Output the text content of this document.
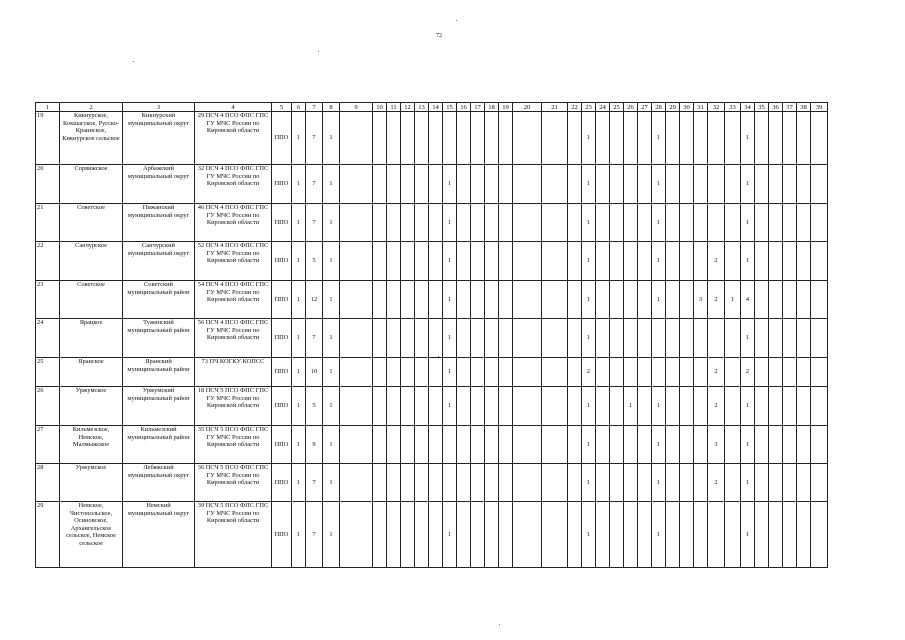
72
1	2	3	4	5	6	7	8	9	10	11	12	13	14	15	16	17	18	19	20	21	22	23	24	25	26	27	28	29	30	31	32	33	34	35	36	37	38	39
19	Кикнурское, Кокшагское, Русско-Краинское, Кикнурское сельское	Кикнурский муниципальный округ	29 ПСЧ 4 ПСО ФПС ГПС ГУ МЧС России по Кировской области	ППО	1	7	1															1					1						1					
20	Сорвижское	Арбажский муниципальный округ	32 ПСЧ 4 ПСО ФПС ГПС ГУ МЧС России по Кировской области	ППО	1	7	1							1								1					1						1					
21	Советское	Пижанский муниципальный округ	46 ПСЧ 4 ПСО ФПС ГПС ГУ МЧС России по Кировской области	ППО	1	7	1							1								1					1						1					
22	Санчурское	Санчурский муниципальный округ	52 ПСЧ 4 ПСО ФПС ГПС ГУ МЧС России по Кировской области	ППО	1	5	1							1								1					1				2		1					
23	Советское	Советский муниципальный район	54 ПСЧ 4 ПСО ФПС ГПС ГУ МЧС России по Кировской области	ППО	1	12	1							1								1					1			3	2	1	4					
24	Ярацкое	Тужинский муниципальный район	56 ПСЧ 4 ПСО ФПС ГПС ГУ МЧС России по Кировской области	ППО	1	7	1							1								1											1					
25	Яранское	Яранский муниципальный район	73 ПЧ КОГКУ КОПСС	ППО	1	10	1							1								2									2		2					
26	Уржумское	Уржумский муниципальный район	18 ПСЧ 5 ПСО ФПС ГПС ГУ МЧС России по Кировской области	ППО	1	5	1							1								1			1		1				2		1					
27	Кильмезское, Немское, Малмыжское	Кильмезский муниципальный район	35 ПСЧ 5 ПСО ФПС ГПС ГУ МЧС России по Кировской области	ППО	1	9	1															1					1				3		1					
28	Уржумское	Лебяжский муниципальный округ	36 ПСЧ 5 ПСО ФПС ГПС ГУ МЧС России по Кировской области	ППО	1	7	1															1					1				2		1					
29	Немское, Чистопольское, Осиновское, Архангельское сельское, Немское сельское	Немский муниципальный округ	39 ПСЧ 5 ПСО ФПС ГПС ГУ МЧС России по Кировской области	ППО	1	7	1							1								1					1						1					
